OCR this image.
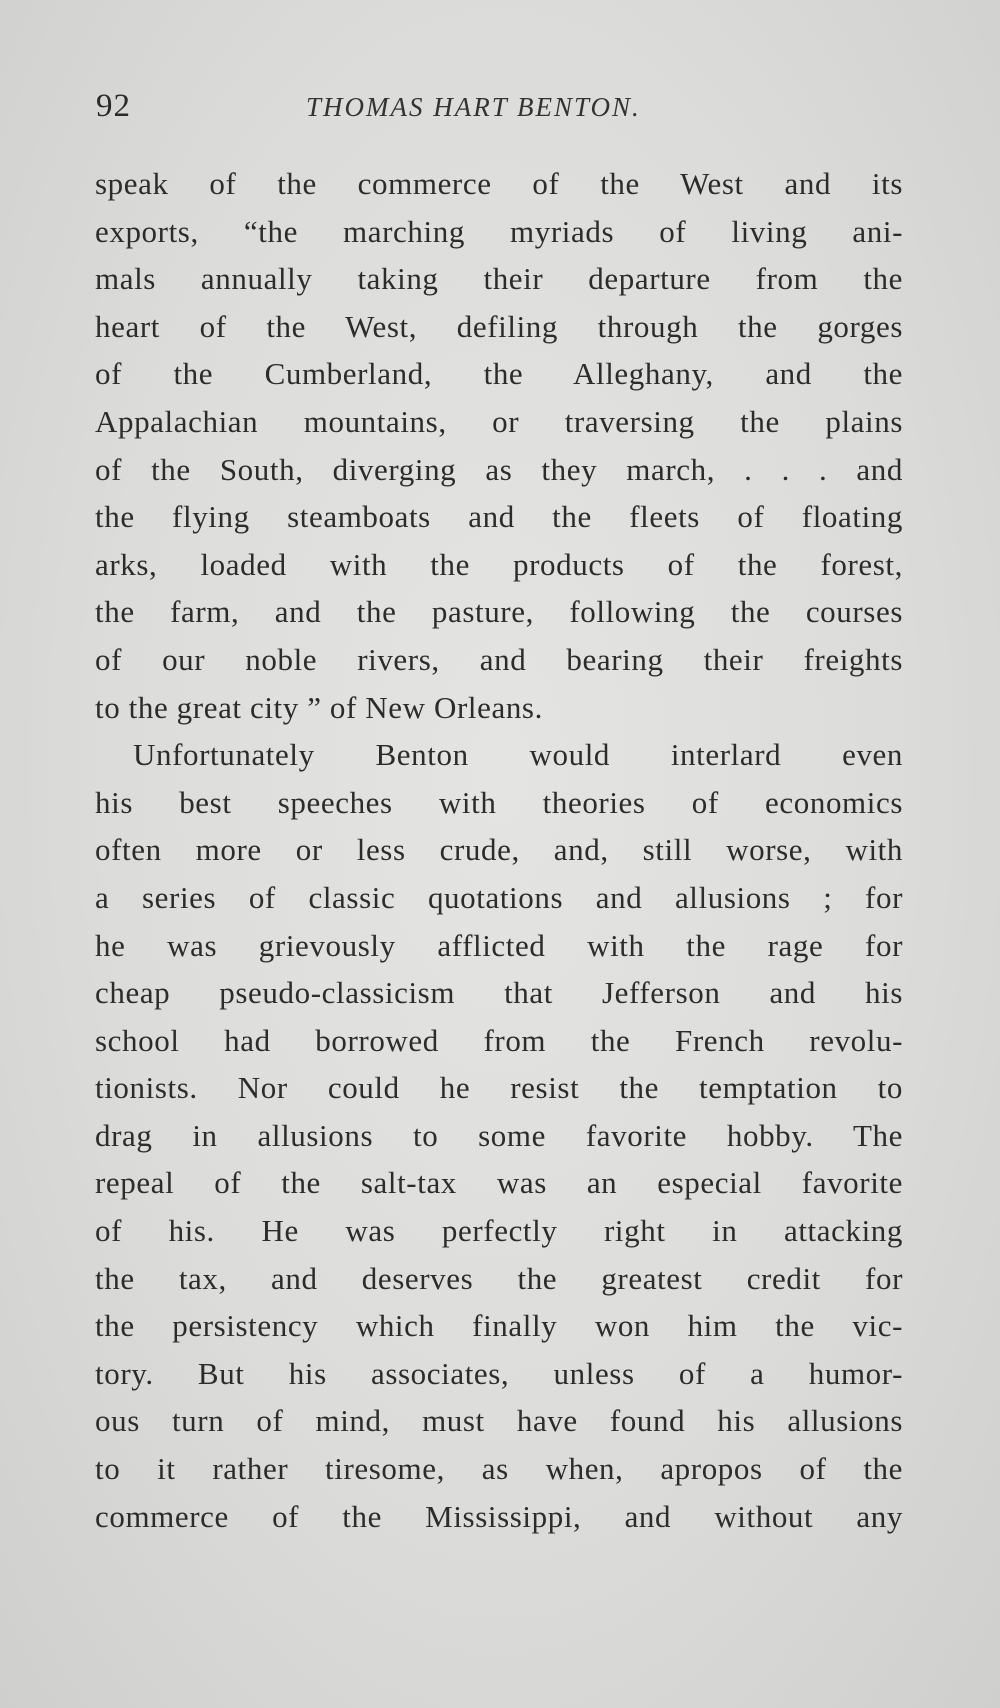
92	THOMAS HART BENTON.
speak of the commerce of the West and its
exports, “the marching myriads of living ani-
mals annually taking their departure from the
heart of the West, defiling through the gorges
of the Cumberland, the Alleghany, and the
Appalachian mountains, or traversing the plains
of the South, diverging as they march, . . . and
the flying steamboats and the fleets of floating
arks, loaded with the products of the forest,
the farm, and the pasture, following the courses
of our noble rivers, and bearing their freights
to the great city ” of New Orleans.
Unfortunately Benton would interlard even
his best speeches with theories of economics
often more or less crude, and, still worse, with
a series of classic quotations and allusions ; for
he was grievously afflicted with the rage for
cheap pseudo-classicism that Jefferson and his
school had borrowed from the French revolu-
tionists. Nor could he resist the temptation to
drag in allusions to some favorite hobby. The
repeal of the salt-tax was an especial favorite
of his. He was perfectly right in attacking
the tax, and deserves the greatest credit for
the persistency which finally won him the vic-
tory. But his associates, unless of a humor-
ous turn of mind, must have found his allusions
to it rather tiresome, as when, apropos of the
commerce of the Mississippi, and without any
